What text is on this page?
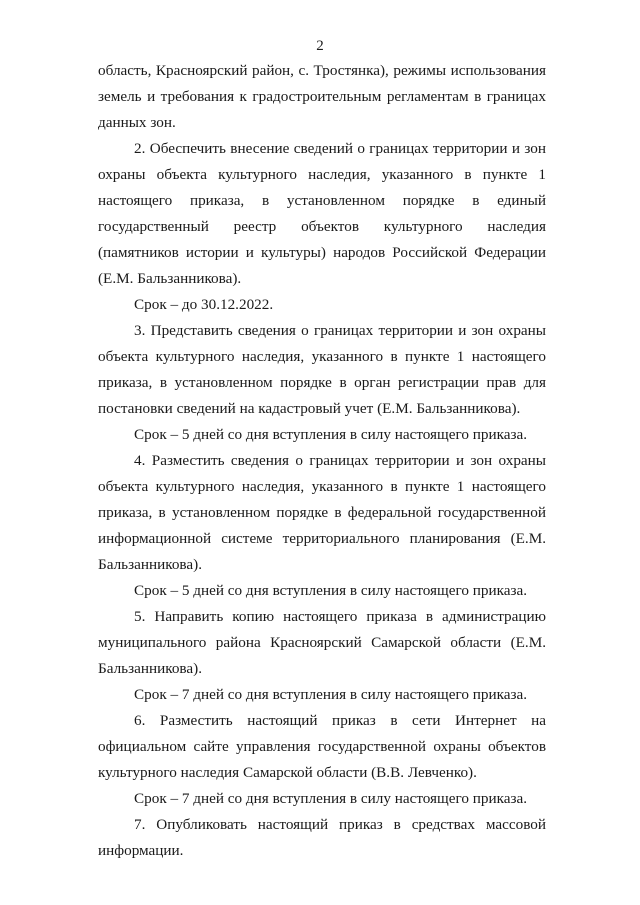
2

область, Красноярский район, с. Тростянка), режимы использования земель и требования к градостроительным регламентам в границах данных зон.

2. Обеспечить внесение сведений о границах территории и зон охраны объекта культурного наследия, указанного в пункте 1 настоящего приказа, в установленном порядке в единый государственный реестр объектов культурного наследия (памятников истории и культуры) народов Российской Федерации (Е.М. Бальзанникова).

Срок – до 30.12.2022.

3. Представить сведения о границах территории и зон охраны объекта культурного наследия, указанного в пункте 1 настоящего приказа, в установленном порядке в орган регистрации прав для постановки сведений на кадастровый учет (Е.М. Бальзанникова).

Срок – 5 дней со дня вступления в силу настоящего приказа.

4. Разместить сведения о границах территории и зон охраны объекта культурного наследия, указанного в пункте 1 настоящего приказа, в установленном порядке в федеральной государственной информационной системе территориального планирования (Е.М. Бальзанникова).

Срок – 5 дней со дня вступления в силу настоящего приказа.

5. Направить копию настоящего приказа в администрацию муниципального района Красноярский Самарской области (Е.М. Бальзанникова).

Срок – 7 дней со дня вступления в силу настоящего приказа.

6. Разместить настоящий приказ в сети Интернет на официальном сайте управления государственной охраны объектов культурного наследия Самарской области (В.В. Левченко).

Срок – 7 дней со дня вступления в силу настоящего приказа.

7. Опубликовать настоящий приказ в средствах массовой информации.
